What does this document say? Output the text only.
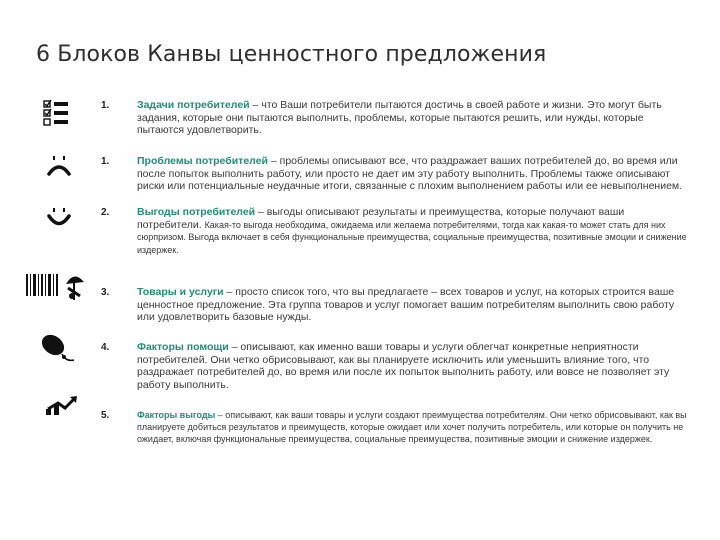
6 Блоков Канвы ценностного предложения
1.	Задачи потребителей – что Ваши потребители пытаются достичь в своей работе и жизни. Это могут быть задания, которые они пытаются выполнить, проблемы, которые пытаются решить, или нужды, которые пытаются удовлетворить.
1.	Проблемы потребителей – проблемы описывают все, что раздражает ваших потребителей до, во время или после попыток выполнить работу, или просто не дает им эту работу выполнить. Проблемы также описывают риски или потенциальные неудачные итоги, связанные с плохим выполнением работы или ее невыполнением.
2.	Выгоды потребителей – выгоды описывают результаты и преимущества, которые получают ваши потребители. Какая-то выгода необходима, ожидаема или желаема потребителями, тогда как какая-то может стать для них сюрпризом. Выгода включает в себя функциональные преимущества, социальные преимущества, позитивные эмоции и снижение издержек.
3.	Товары и услуги – просто список того, что вы предлагаете – всех товаров и услуг, на которых строится ваше ценностное предложение. Эта группа товаров и услуг помогает вашим потребителям выполнить свою работу или удовлетворить базовые нужды.
4.	Факторы помощи – описывают, как именно ваши товары и услуги облегчат конкретные неприятности потребителей. Они четко обрисовывают, как вы планируете исключить или уменьшить влияние того, что раздражает потребителей до, во время или после их попыток выполнить работу, или вовсе не позволяет эту работу выполнить.
5.	Факторы выгоды – описывают, как ваши товары и услуги создают преимущества потребителям. Они четко обрисовывают, как вы планируете добиться результатов и преимуществ, которые ожидает или хочет получить потребитель, или которые он получить не ожидает, включая функциональные преимущества, социальные преимущества, позитивные эмоции и снижение издержек.
